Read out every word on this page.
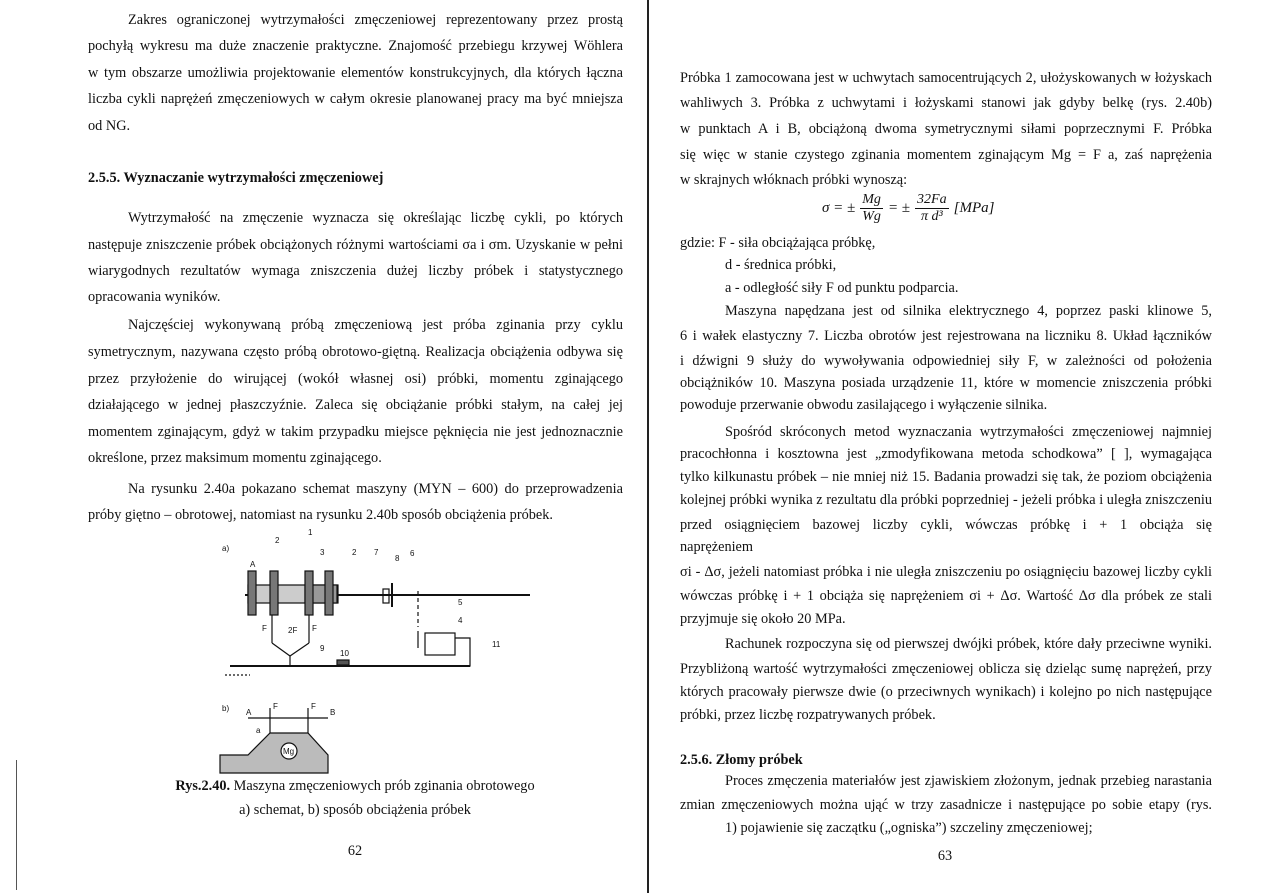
Zakres ograniczonej wytrzymałości zmęczeniowej reprezentowany przez prostą
pochyłą wykresu ma duże znaczenie praktyczne. Znajomość przebiegu krzywej Wöhlera
w tym obszarze umożliwia projektowanie elementów konstrukcyjnych, dla których łączna
liczba cykli naprężeń zmęczeniowych w całym okresie planowanej pracy ma być mniejsza
od NG.
2.5.5. Wyznaczanie wytrzymałości zmęczeniowej
Wytrzymałość na zmęczenie wyznacza się określając liczbę cykli, po których
następuje zniszczenie próbek obciążonych różnymi wartościami σa i σm. Uzyskanie w pełni
wiarygodnych rezultatów wymaga zniszczenia dużej liczby próbek i statystycznego
opracowania wyników.
Najczęściej wykonywaną próbą zmęczeniową jest próba zginania przy cyklu
symetrycznym, nazywana często próbą obrotowo-giętną. Realizacja obciążenia odbywa się
przez przyłożenie do wirującej (wokół własnej osi) próbki, momentu zginającego
działającego w jednej płaszczyźnie. Zaleca się obciążanie próbki stałym, na całej jej
momentem zginającym, gdyż w takim przypadku miejsce pęknięcia nie jest jednoznacznie
określone, przez maksimum momentu zginającego.
Na rysunku 2.40a pokazano schemat maszyny (MYN – 600) do przeprowadzenia
próby giętno – obrotowej, natomiast na rysunku 2.40b sposób obciążenia próbek.
Próbka 1 zamocowana jest w uchwytach samocentrujących 2, ułożyskowanych w łożyskach
wahliwych 3. Próbka z uchwytami i łożyskami stanowi jak gdyby belkę (rys. 2.40b)
w punktach A i B, obciążoną dwoma symetrycznymi siłami poprzecznymi F. Próbka
się więc w stanie czystego zginania momentem zginającym Mg = F a, zaś naprężenia
w skrajnych włóknach próbki wynoszą:
gdzie: F - siła obciążająca próbkę,
d - średnica próbki,
a - odległość siły F od punktu podparcia.
Maszyna napędzana jest od silnika elektrycznego 4, poprzez paski klinowe 5,
6 i wałek elastyczny 7. Liczba obrotów jest rejestrowana na liczniku 8. Układ łączników
i dźwigni 9 służy do wywoływania odpowiedniej siły F, w zależności od położenia
obciążników 10. Maszyna posiada urządzenie 11, które w momencie zniszczenia próbki
powoduje przerwanie obwodu zasilającego i wyłączenie silnika.
Spośród skróconych metod wyznaczania wytrzymałości zmęczeniowej najmniej
pracochłonna i kosztowna jest „zmodyfikowana metoda schodkowa” [ ], wymagająca
tylko kilkunastu próbek – nie mniej niż 15. Badania prowadzi się tak, że poziom obciążenia
kolejnej próbki wynika z rezultatu dla próbki poprzedniej - jeżeli próbka i uległa zniszczeniu
przed osiągnięciem bazowej liczby cykli, wówczas próbkę i + 1 obciąża się
naprężeniem
σi - Δσ, jeżeli natomiast próbka i nie uległa zniszczeniu po osiągnięciu bazowej liczby cykli
wówczas próbkę i + 1 obciąża się naprężeniem σi + Δσ. Wartość Δσ dla próbek ze stali
przyjmuje się około 20 MPa.
Rachunek rozpoczyna się od pierwszej dwójki próbek, które dały przeciwne wyniki.
Przybliżoną wartość wytrzymałości zmęczeniowej oblicza się dzieląc sumę naprężeń, przy
których pracowały pierwsze dwie (o przeciwnych wynikach) i kolejno po nich następujące
próbki, przez liczbę rozpatrywanych próbek.
2.5.6. Złomy próbek
Proces zmęczenia materiałów jest zjawiskiem złożonym, jednak przebieg narastania
zmian zmęczeniowych można ująć w trzy zasadnicze i następujące po sobie etapy (rys.
1) pojawienie się zaczątku („ogniska”) szczeliny zmęczeniowej;
σ = ± $\frac{Mg}{Wg}$ = ± $\frac{32Fa}{\text{π d³}} [MPa]$
a)
A
1
2
3	2 7
8
6
5
4
11
10
9
F	2F F
b) A	B
F	F
a
Mg
Rys.2.40. Maszyna zmęczeniowych prób zginania obrotowego
a) schemat, b) sposób obciążenia próbek
62	63
